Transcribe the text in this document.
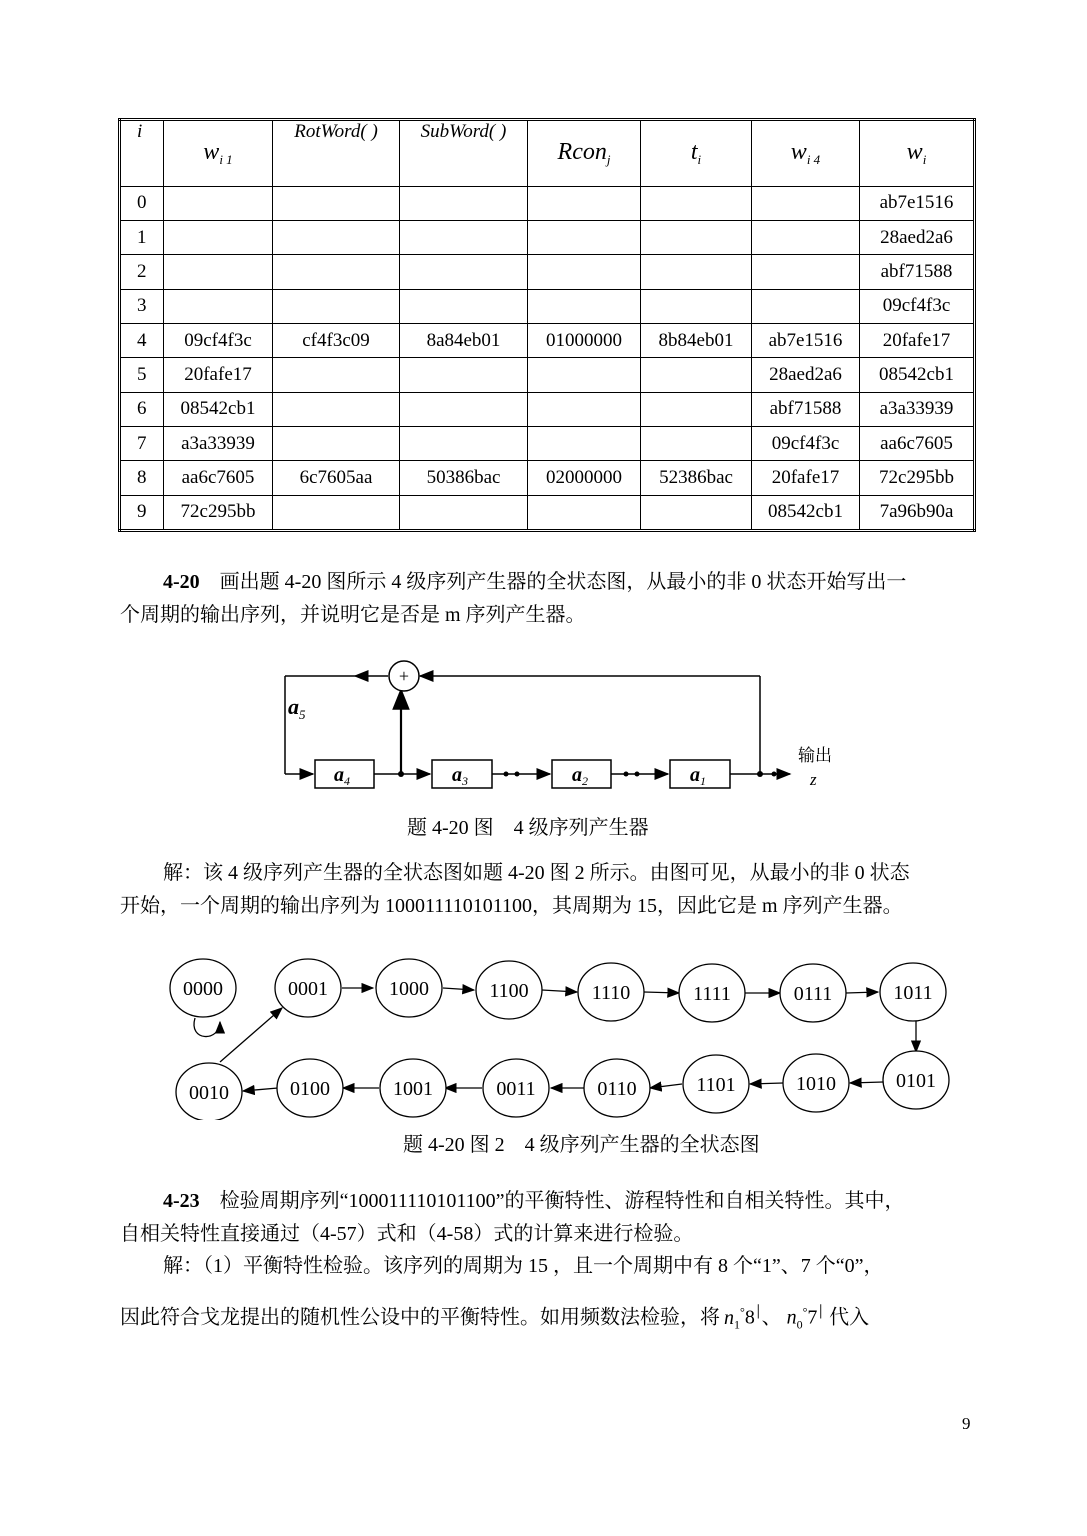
i	$w_{i 1}$	RotWord( )	SubWord( )	Rcon$_j$	$t_i$	$w_{i 4}$	$w_i$
0							ab7e1516
1							28aed2a6
2							abf71588
3							09cf4f3c
4	09cf4f3c	cf4f3c09	8a84eb01	01000000	8b84eb01	ab7e1516	20fafe17
5	20fafe17					28aed2a6	08542cb1
6	08542cb1					abf71588	a3a33939
7	a3a33939					09cf4f3c	aa6c7605
8	aa6c7605	6c7605aa	50386bac	02000000	52386bac	20fafe17	72c295bb
9	72c295bb					08542cb1	7a96b90a
4-20  画出题 4-20 图所示 4 级序列产生器的全状态图，从最小的非 0 状态开始写出一
个周期的输出序列，并说明它是否是 m 序列产生器。
+
$a_5$
$a_4$	$a_3$	$a_2$	$a_1$
输出
z
题 4-20 图　4 级序列产生器
解：该 4 级序列产生器的全状态图如题 4-20 图 2 所示。由图可见，从最小的非 0 状态
开始，一个周期的输出序列为 100011110101100，其周期为 15，因此它是 m 序列产生器。
0000	0001	1000	1100	1110	1111	0111	1011
0010	0100	1001	0011	0110	1101	1010	0101
题 4-20 图 2　4 级序列产生器的全状态图
4-23  检验周期序列“100011110101100”的平衡特性、游程特性和自相关特性。其中，
自相关特性直接通过（4-57）式和（4-58）式的计算来进行检验。
解：（1）平衡特性检验。该序列的周期为 15 ，且一个周期中有 8 个“1”、7 个“0”，
因此符合戈龙提出的随机性公设中的平衡特性。如用频数法检验，将 $n_1^{׀^\circ}8$、 $n_0^{׀^\circ}7$ 代入
9
